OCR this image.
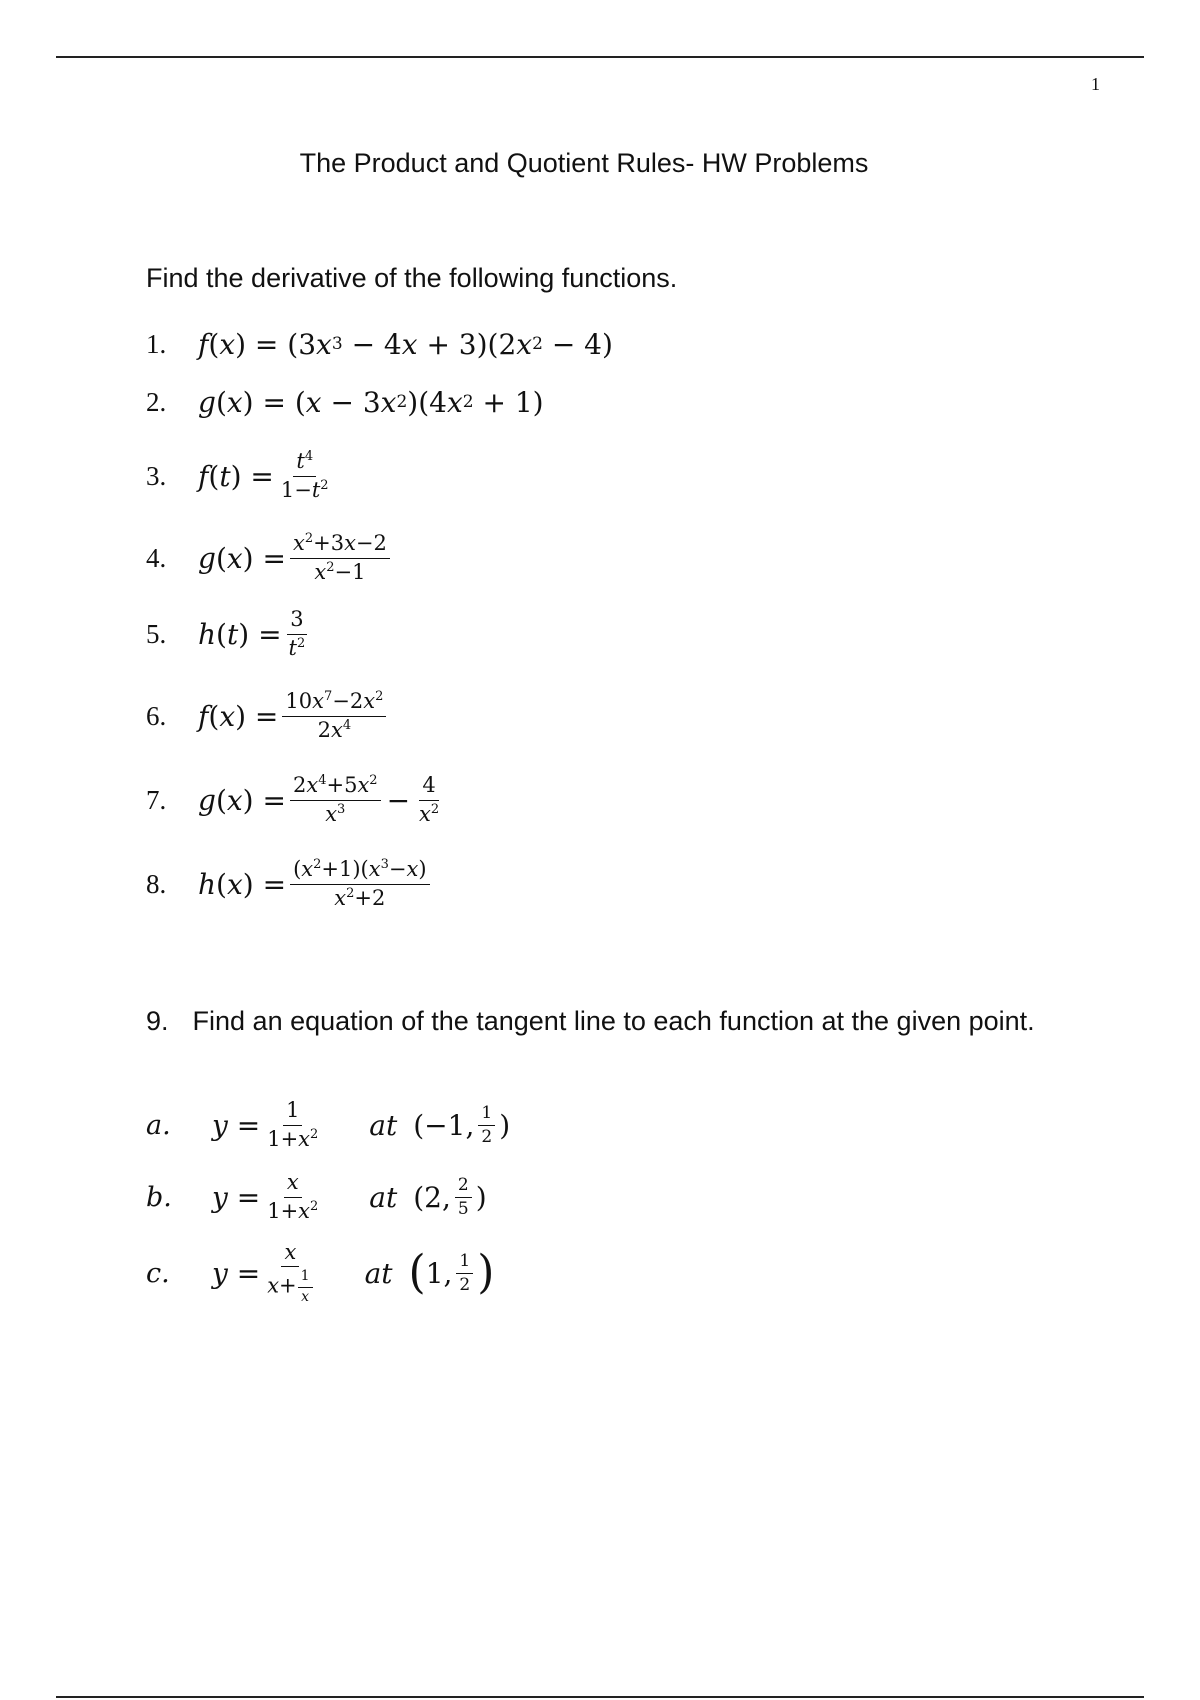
1
The Product and Quotient Rules- HW Problems
Find the derivative of the following functions.
1.	f ( x ) = (3 x 3 − 4 x + 3)(2 x 2 − 4)
2.	g ( x ) = ( x − 3 x 2 )(4 x 2 + 1)
3.	f ( t ) = $\frac{t^4}{1-t^2}$
4.	g ( x ) = $\frac{x^2+3x-2}{x^2-1}$
5.	h ( t ) = $\frac{3}{t^2}$
6.	f ( x ) = $\frac{10x^7-2x^2}{2x^4}$
7.	g ( x ) = $\frac{2x^4+5x^2}{x^3} - \frac{4}{x^2}$
8.	h ( x ) = $\frac{(x^2+1)(x^3-x)}{x^2+2}$
9. Find an equation of the tangent line to each function at the given point.
a.	$y = \frac{1}{1+x^2}$ at (−1, $\frac{1}{2}$ )
b.	$y = \frac{x}{1+x^2}$ at (2, $\frac{2}{5}$ )
c.	$y = \frac{x}{x+ \frac{1}{x}}$ at ( 1, $\frac{1}{2}$ )
